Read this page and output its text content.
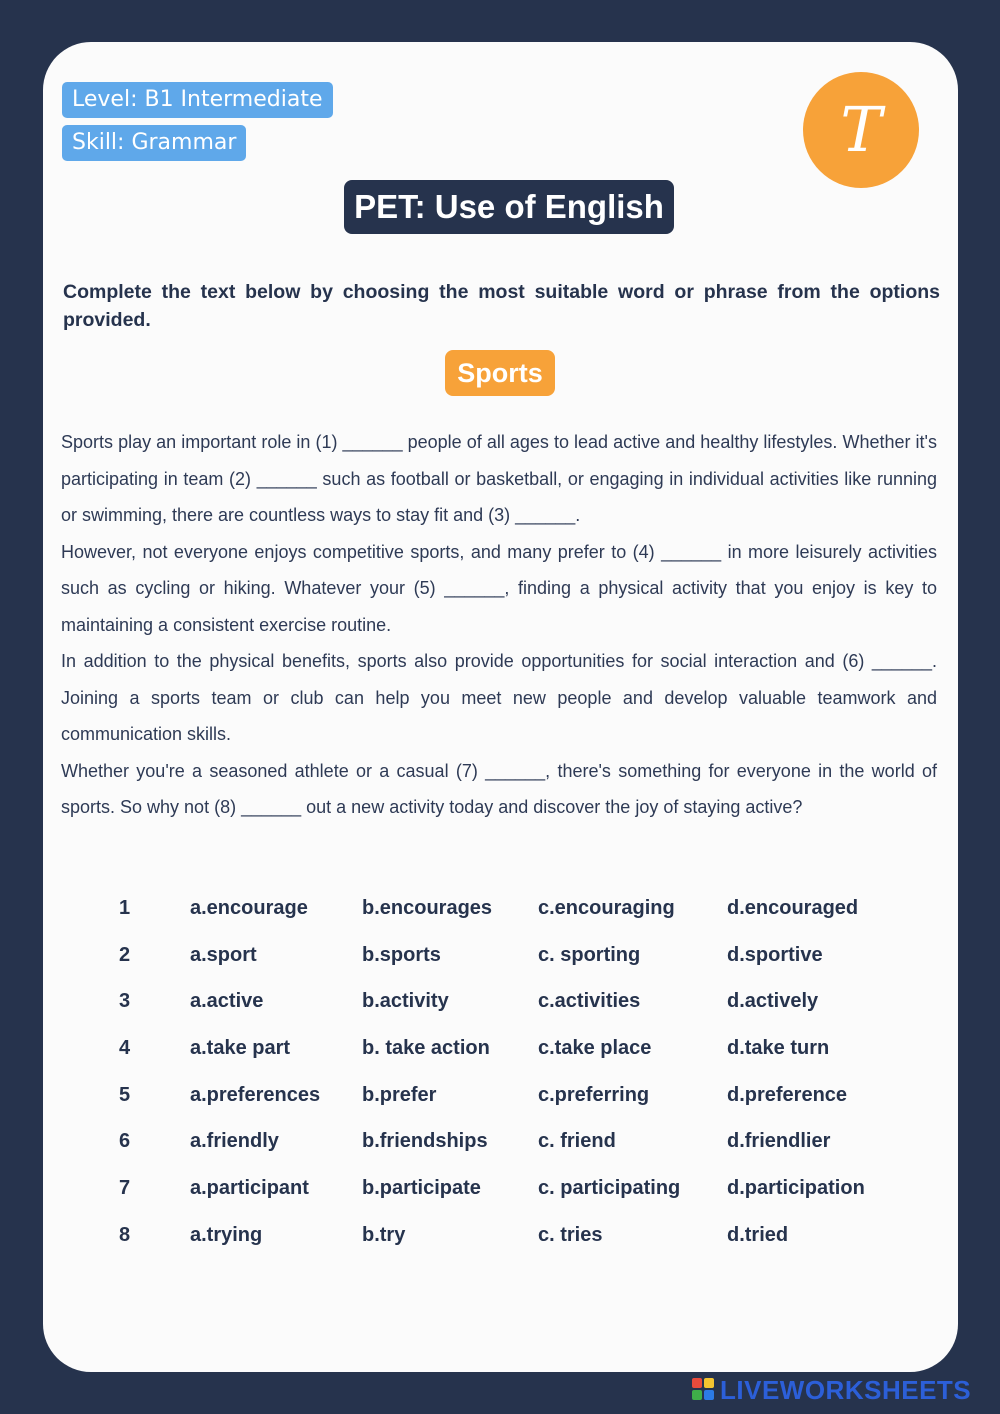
Level: B1 Intermediate
Skill: Grammar	T
PET: Use of English
Complete the text below by choosing the most suitable word or phrase from the options provided.
Sports

Sports play an important role in (1) ______ people of all ages to lead active and healthy lifestyles. Whether it's participating in team (2) ______ such as football or basketball, or engaging in individual activities like running or swimming, there are countless ways to stay fit and (3) ______.

However, not everyone enjoys competitive sports, and many prefer to (4) ______ in more leisurely activities such as cycling or hiking. Whatever your (5) ______, finding a physical activity that you enjoy is key to maintaining a consistent exercise routine.

In addition to the physical benefits, sports also provide opportunities for social interaction and (6) ______. Joining a sports team or club can help you meet new people and develop valuable teamwork and communication skills.

Whether you're a seasoned athlete or a casual (7) ______, there's something for everyone in the world of sports. So why not (8) ______ out a new activity today and discover the joy of staying active?

1	a.encourage	b.encourages c.encouraging	d.encouraged
2	a.sport	b.sports	c. sporting	d.sportive
3	a.active	b.activity	c.activities	d.actively
4	a.take part	b. take action c.take place	d.take turn
5	a.preferences b.prefer	c.preferring	d.preference
6	a.friendly	b.friendships	c. friend	d.friendlier
7	a.participant	b.participate	c. participating d.participation
8	a.trying	b.try	c. tries	d.tried
LIVEWORKSHEETS
